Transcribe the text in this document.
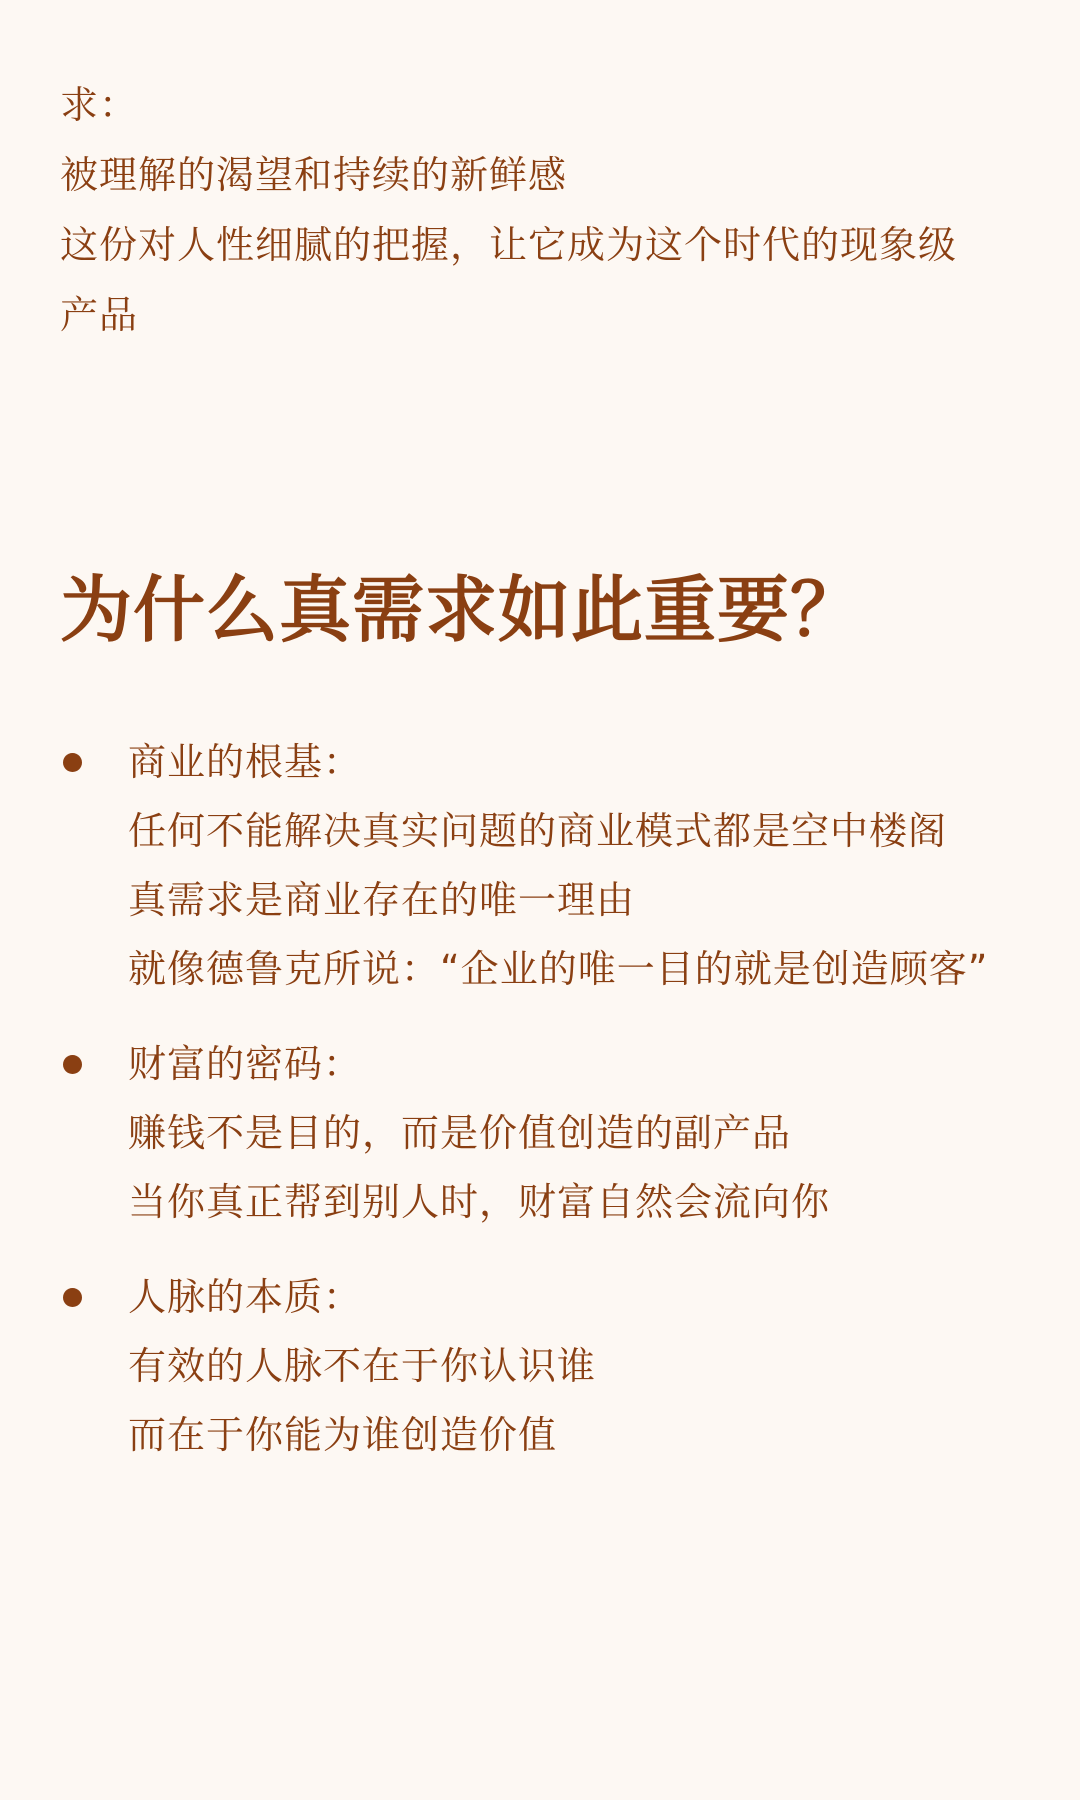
求：
被理解的渴望和持续的新鲜感
这份对人性细腻的把握，让它成为这个时代的现象级
产品
为什么真需求如此重要？
商业的根基：
任何不能解决真实问题的商业模式都是空中楼阁
真需求是商业存在的唯一理由
就像德鲁克所说：“企业的唯一目的就是创造顾客”
财富的密码：
赚钱不是目的，而是价值创造的副产品
当你真正帮到别人时，财富自然会流向你
人脉的本质：
有效的人脉不在于你认识谁
而在于你能为谁创造价值
